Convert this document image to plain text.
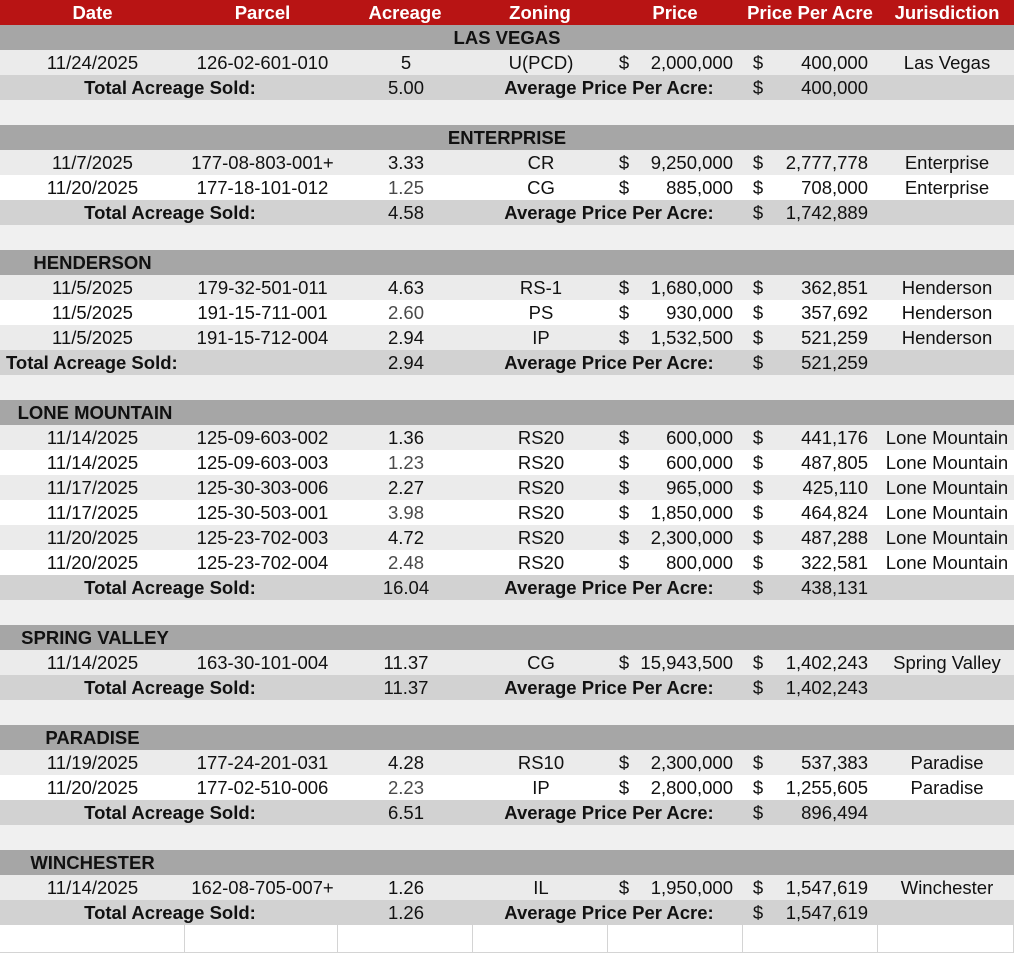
Date	Parcel	Acreage	Zoning	Price	Price Per Acre	Jurisdiction
LAS VEGAS
11/24/2025	126-02-601-010	5	U(PCD)	$	2,000,000 $	400,000	Las Vegas
Total Acreage Sold:	5.00	Average Price Per Acre:	$	400,000
ENTERPRISE
11/7/2025	177-08-803-001+	3.33	CR	$	9,250,000 $	2,777,778	Enterprise
11/20/2025	177-18-101-012	1.25	CG	$	885,000 $	708,000	Enterprise
Total Acreage Sold:	4.58	Average Price Per Acre:	$	1,742,889
HENDERSON
11/5/2025	179-32-501-011	4.63	RS-1	$	1,680,000 $	362,851	Henderson
11/5/2025	191-15-711-001	2.60	PS	$	930,000 $	357,692	Henderson
11/5/2025	191-15-712-004	2.94	IP	$	1,532,500 $	521,259	Henderson
Total Acreage Sold:	2.94	Average Price Per Acre:	$	521,259
LONE MOUNTAIN
11/14/2025	125-09-603-002	1.36	RS20	$	600,000 $	441,176 Lone Mountain
11/14/2025	125-09-603-003	1.23	RS20	$	600,000 $	487,805 Lone Mountain
11/17/2025	125-30-303-006	2.27	RS20	$	965,000 $	425,110 Lone Mountain
11/17/2025	125-30-503-001	3.98	RS20	$	1,850,000 $	464,824 Lone Mountain
11/20/2025	125-23-702-003	4.72	RS20	$	2,300,000 $	487,288 Lone Mountain
11/20/2025	125-23-702-004	2.48	RS20	$	800,000 $	322,581 Lone Mountain
Total Acreage Sold:	16.04	Average Price Per Acre:	$	438,131
SPRING VALLEY
11/14/2025	163-30-101-004	11.37	CG	$ 15,943,500 $	1,402,243	Spring Valley
Total Acreage Sold:	11.37	Average Price Per Acre:	$	1,402,243
PARADISE
11/19/2025	177-24-201-031	4.28	RS10	$	2,300,000 $	537,383	Paradise
11/20/2025	177-02-510-006	2.23	IP	$	2,800,000 $	1,255,605	Paradise
Total Acreage Sold:	6.51	Average Price Per Acre:	$	896,494
WINCHESTER
11/14/2025	162-08-705-007+	1.26	IL	$	1,950,000 $	1,547,619	Winchester
Total Acreage Sold:	1.26	Average Price Per Acre:	$	1,547,619
